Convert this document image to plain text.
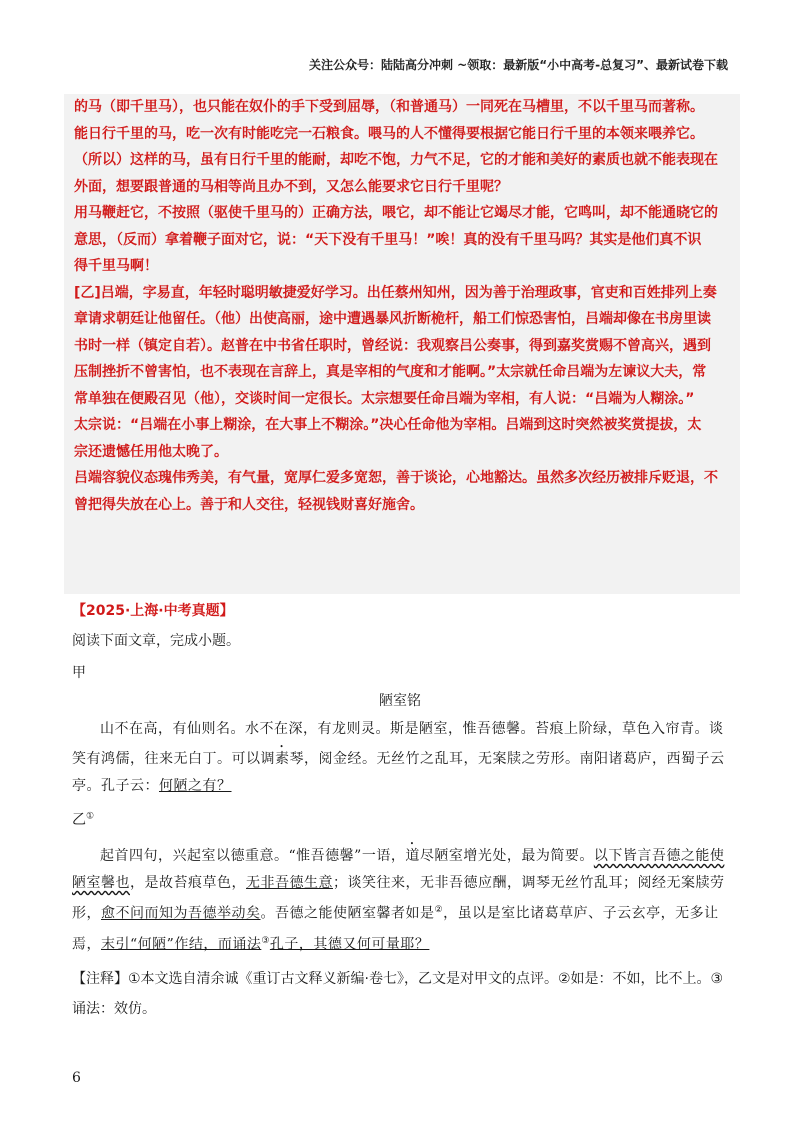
关注公众号：陆陆高分冲刺 ~领取：最新版“小中高考-总复习”、最新试卷下载

的马（即千里马），也只能在奴仆的手下受到屈辱，（和普通马）一同死在马槽里，不以千里马而著称。

能日行千里的马，吃一次有时能吃完一石粮食。喂马的人不懂得要根据它能日行千里的本领来喂养它。

（所以）这样的马，虽有日行千里的能耐，却吃不饱，力气不足，它的才能和美好的素质也就不能表现在

外面，想要跟普通的马相等尚且办不到，又怎么能要求它日行千里呢？

用马鞭赶它，不按照（驱使千里马的）正确方法，喂它，却不能让它竭尽才能，它鸣叫，却不能通晓它的

意思，（反而）拿着鞭子面对它，说：“天下没有千里马！”唉！真的没有千里马吗？其实是他们真不识

得千里马啊！

[乙]吕端，字易直，年轻时聪明敏捷爱好学习。出任蔡州知州，因为善于治理政事，官吏和百姓排列上奏

章请求朝廷让他留任。（他）出使高丽，途中遭遇暴风折断桅杆，船工们惊恐害怕，吕端却像在书房里读

书时一样（镇定自若）。赵普在中书省任职时，曾经说：我观察吕公奏事，得到嘉奖赏赐不曾高兴，遇到

压制挫折不曾害怕，也不表现在言辞上，真是宰相的气度和才能啊。”太宗就任命吕端为左谏议大夫，常

常单独在便殿召见（他），交谈时间一定很长。太宗想要任命吕端为宰相，有人说：“吕端为人糊涂。”

太宗说：“吕端在小事上糊涂，在大事上不糊涂。”决心任命他为宰相。吕端到这时突然被奖赏提拔，太

宗还遗憾任用他太晚了。

吕端容貌仪态瑰伟秀美，有气量，宽厚仁爱多宽恕，善于谈论，心地豁达。虽然多次经历被排斥贬退，不

曾把得失放在心上。善于和人交往，轻视钱财喜好施舍。

【2025·上海·中考真题】
阅读下面文章，完成小题。
甲
陋室铭
山不在高，有仙则名。水不在深，有龙则灵。斯是陋室，惟吾德馨。苔痕上阶绿，草色入帘青。谈笑有鸿儒，往来无白丁。可以调素琴，阅金经。无丝竹之乱耳，无案牍之劳形。南阳诸葛庐，西蜀子云亭。孔子云：何陋之有？
乙①
起首四句，兴起室以德重意。“惟吾德馨”一语，道尽陋室增光处，最为简要。以下皆言吾德之能使陋室馨也，是故苔痕草色，无非吾德生意；谈笑往来，无非吾德应酬，调琴无丝竹乱耳；阅经无案牍劳形，愈不问而知为吾德举动矣。吾德之能使陋室馨者如是②，虽以是室比诸葛草庐、子云玄亭，无多让焉，末引“何陋”作结，而诵法③孔子，其德又何可量耶？
【注释】①本文选自清余诚《重订古文释义新编·卷七》，乙文是对甲文的点评。②如是：不如，比不上。③诵法：效仿。
6
